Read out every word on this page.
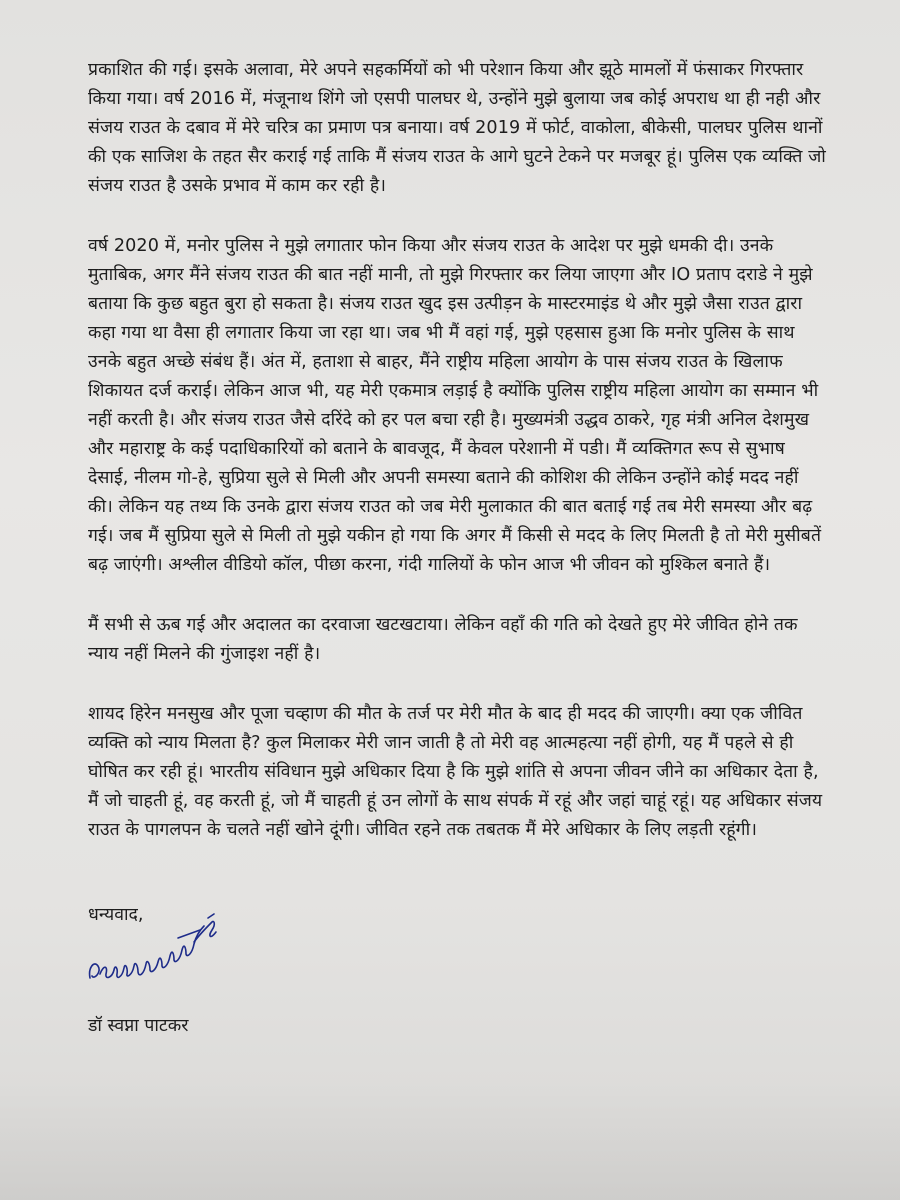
प्रकाशित की गई। इसके अलावा, मेरे अपने सहकर्मियों को भी परेशान किया और झूठे मामलों में फंसाकर गिरफ्तार किया गया। वर्ष 2016 में, मंजूनाथ शिंगे जो एसपी पालघर थे, उन्होंने मुझे बुलाया जब कोई अपराध था ही नही और संजय राउत के दबाव में मेरे चरित्र का प्रमाण पत्र बनाया। वर्ष 2019 में फोर्ट, वाकोला, बीकेसी, पालघर पुलिस थानों की एक साजिश के तहत सैर कराई गई ताकि मैं संजय राउत के आगे घुटने टेकने पर मजबूर हूं। पुलिस एक व्यक्ति जो संजय राउत है उसके प्रभाव में काम कर रही है।

वर्ष 2020 में, मनोर पुलिस ने मुझे लगातार फोन किया और संजय राउत के आदेश पर मुझे धमकी दी। उनके मुताबिक, अगर मैंने संजय राउत की बात नहीं मानी, तो मुझे गिरफ्तार कर लिया जाएगा और IO प्रताप दराडे ने मुझे बताया कि कुछ बहुत बुरा हो सकता है। संजय राउत खुद इस उत्पीड़न के मास्टरमाइंड थे और मुझे जैसा राउत द्वारा कहा गया था वैसा ही लगातार किया जा रहा था। जब भी मैं वहां गई, मुझे एहसास हुआ कि मनोर पुलिस के साथ उनके बहुत अच्छे संबंध हैं। अंत में, हताशा से बाहर, मैंने राष्ट्रीय महिला आयोग के पास संजय राउत के खिलाफ शिकायत दर्ज कराई। लेकिन आज भी, यह मेरी एकमात्र लड़ाई है क्योंकि पुलिस राष्ट्रीय महिला आयोग का सम्मान भी नहीं करती है। और संजय राउत जैसे दरिंदे को हर पल बचा रही है। मुख्यमंत्री उद्धव ठाकरे, गृह मंत्री अनिल देशमुख और महाराष्ट्र के कई पदाधिकारियों को बताने के बावजूद, मैं केवल परेशानी में पडी। मैं व्यक्तिगत रूप से सुभाष देसाई, नीलम गो-हे, सुप्रिया सुले से मिली और अपनी समस्या बताने की कोशिश की लेकिन उन्होंने कोई मदद नहीं की। लेकिन यह तथ्य कि उनके द्वारा संजय राउत को जब मेरी मुलाकात की बात बताई गई तब मेरी समस्या और बढ़ गई। जब मैं सुप्रिया सुले से मिली तो मुझे यकीन हो गया कि अगर मैं किसी से मदद के लिए मिलती है तो मेरी मुसीबतें बढ़ जाएंगी। अश्लील वीडियो कॉल, पीछा करना, गंदी गालियों के फोन आज भी जीवन को मुश्किल बनाते हैं।

मैं सभी से ऊब गई और अदालत का दरवाजा खटखटाया। लेकिन वहाँ की गति को देखते हुए मेरे जीवित होने तक न्याय नहीं मिलने की गुंजाइश नहीं है।

शायद हिरेन मनसुख और पूजा चव्हाण की मौत के तर्ज पर मेरी मौत के बाद ही मदद की जाएगी। क्या एक जीवित व्यक्ति को न्याय मिलता है? कुल मिलाकर मेरी जान जाती है तो मेरी वह आत्महत्या नहीं होगी, यह मैं पहले से ही घोषित कर रही हूं। भारतीय संविधान मुझे अधिकार दिया है कि मुझे शांति से अपना जीवन जीने का अधिकार देता है, मैं जो चाहती हूं, वह करती हूं, जो मैं चाहती हूं उन लोगों के साथ संपर्क में रहूं और जहां चाहूं रहूं। यह अधिकार संजय राउत के पागलपन के चलते नहीं खोने दूंगी। जीवित रहने तक तबतक मैं मेरे अधिकार के लिए लड़ती रहूंगी।

धन्यवाद,

डॉ स्वप्ना पाटकर
